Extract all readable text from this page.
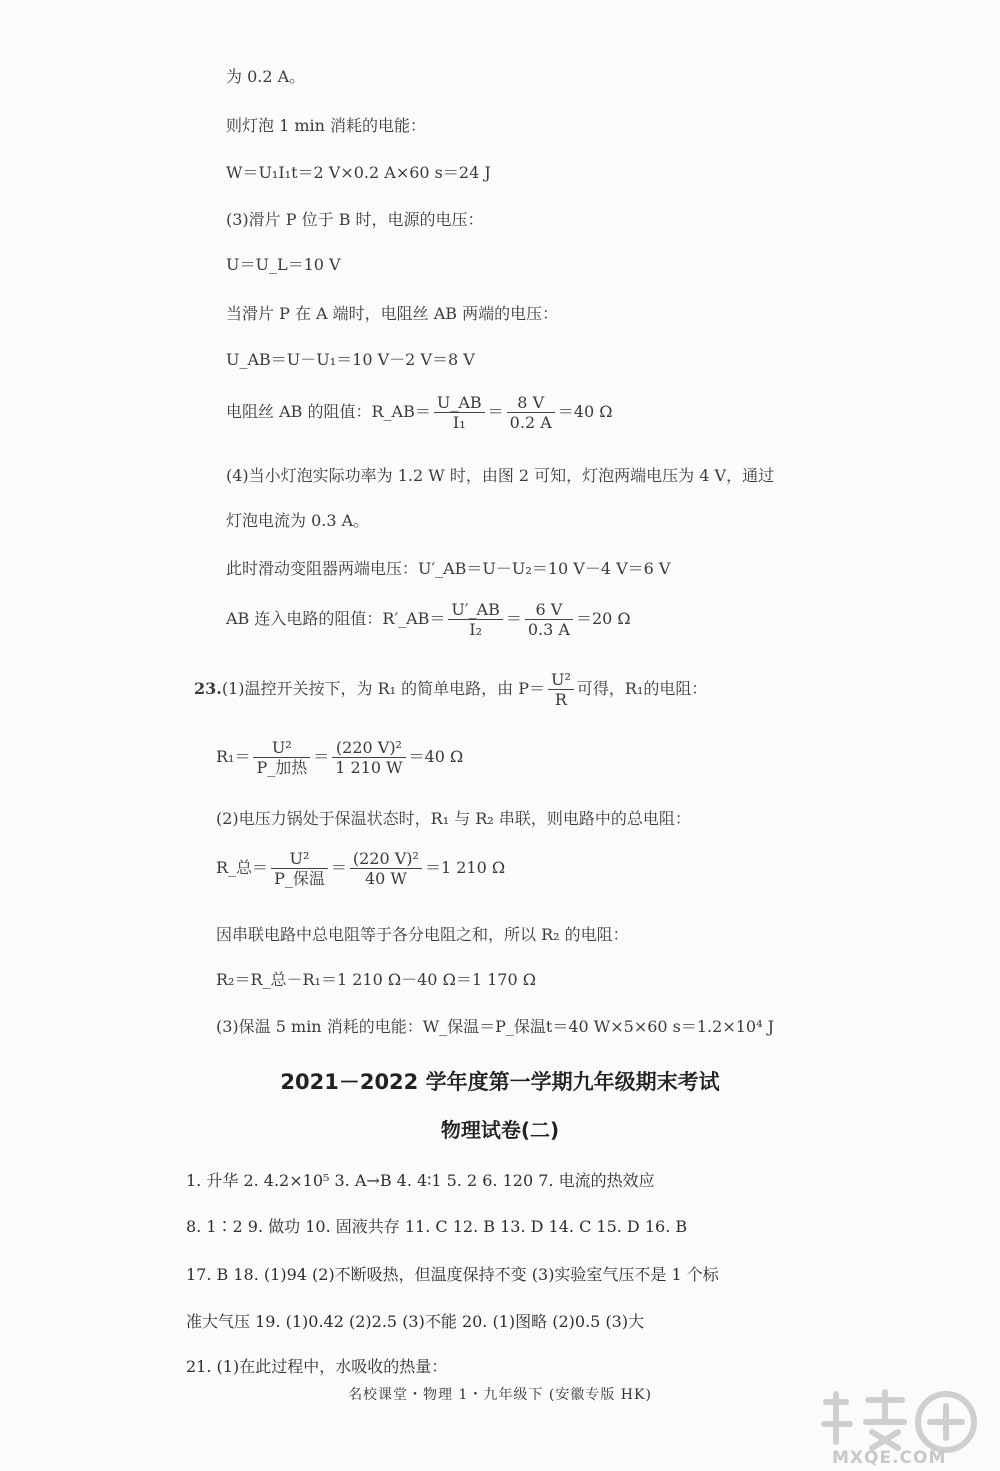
为 0.2 A。
则灯泡 1 min 消耗的电能：
W＝U₁I₁t＝2 V×0.2 A×60 s＝24 J
(3)滑片 P 位于 B 时，电源的电压：
U＝U_L＝10 V
当滑片 P 在 A 端时，电阻丝 AB 两端的电压：
U_AB＝U－U₁＝10 V－2 V＝8 V
电阻丝 AB 的阻值：R_AB＝ $\frac{U\_AB}{\text{I₁}} = \frac{8 V}{0.2 A} =40$ Ω
(4)当小灯泡实际功率为 1.2 W 时，由图 2 可知，灯泡两端电压为 4 V，通过
灯泡电流为 0.3 A。
此时滑动变阻器两端电压：U′_AB＝U－U₂＝10 V－4 V＝6 V
AB 连入电路的阻值：R′_AB＝ $\frac{U'\_AB}{\text{I₂}} = \frac{6 V}{0.3 A} =20$ Ω
23.(1)温控开关按下，为 R₁ 的简单电路，由 $P= \frac{\text{U²}}{R}$ 可得，R₁的电阻：
$R_1= \frac{\text{U²}}{\text{P\_加热}} = \frac{\text{(220 V)²}}{1 210 W} =40$ Ω
(2)电压力锅处于保温状态时，R₁ 与 R₂ 串联，则电路中的总电阻：
R_总＝ $\frac{\text{U²}}{\text{P\_保温}} = \frac{\text{(220 V)²}}{40 W} =1$ 210 Ω
因串联电路中总电阻等于各分电阻之和，所以 R₂ 的电阻：
R₂＝R_总－R₁＝1 210 Ω－40 Ω＝1 170 Ω
(3)保温 5 min 消耗的电能：W_保温＝P_保温t＝40 W×5×60 s＝1.2×10⁴ J
2021－2022 学年度第一学期九年级期末考试
物理试卷(二)
1. 升华 2. 4.2×10⁵ 3. A→B 4. 4∶1 5. 2 6. 120 7. 电流的热效应
8. 1∶2 9. 做功 10. 固液共存 11. C 12. B 13. D 14. C 15. D 16. B
17. B 18. (1)94 (2)不断吸热，但温度保持不变 (3)实验室气压不是 1 个标
准大气压 19. (1)0.42 (2)2.5 (3)不能 20. (1)图略 (2)0.5 (3)大
21. (1)在此过程中，水吸收的热量：
名校课堂・物理 1・九年级下 (安徽专版 HK)
MXQE.COM
